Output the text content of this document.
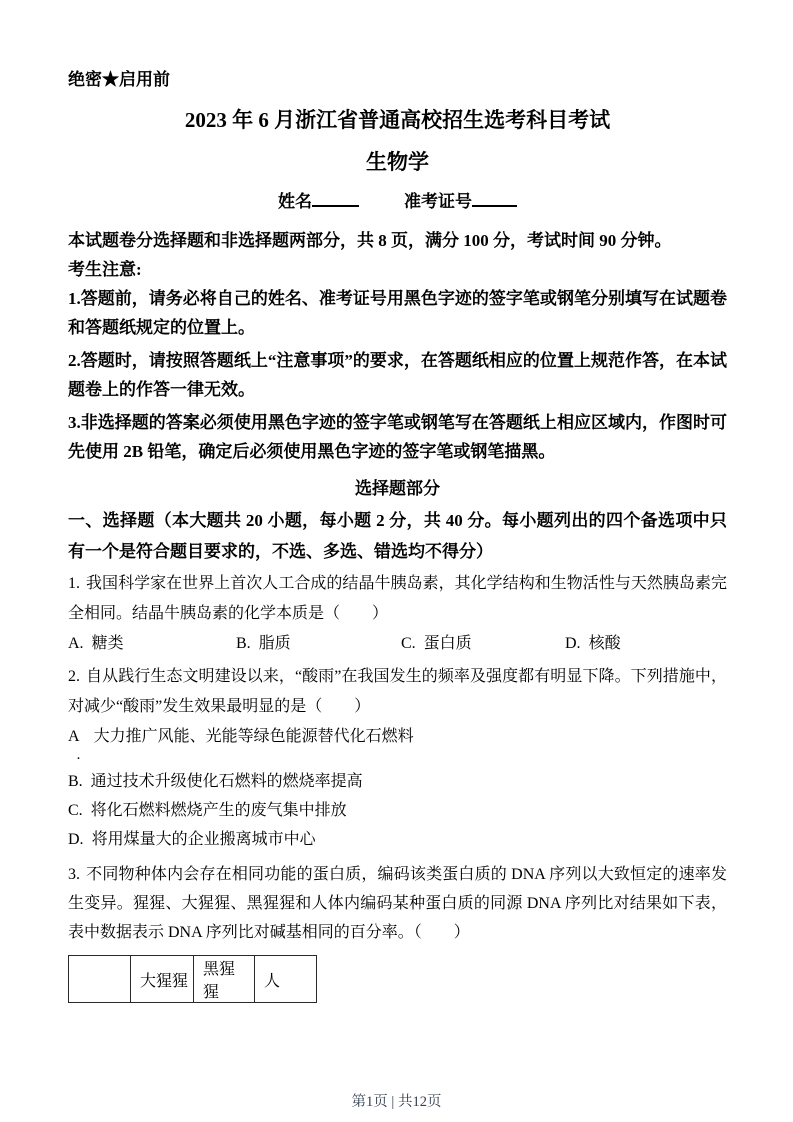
绝密★启用前

2023 年 6 月浙江省普通高校招生选考科目考试

生物学

姓名	准考证号

本试题卷分选择题和非选择题两部分，共 8 页，满分 100 分，考试时间 90 分钟。

考生注意:

1.答题前，请务必将自己的姓名、准考证号用黑色字迹的签字笔或钢笔分别填写在试题卷和答题纸规定的位置上。

2.答题时，请按照答题纸上“注意事项”的要求，在答题纸相应的位置上规范作答，在本试题卷上的作答一律无效。

3.非选择题的答案必须使用黑色字迹的签字笔或钢笔写在答题纸上相应区域内，作图时可先使用 2B 铅笔，确定后必须使用黑色字迹的签字笔或钢笔描黑。

选择题部分

一、选择题（本大题共 20 小题，每小题 2 分，共 40 分。每小题列出的四个备选项中只有一个是符合题目要求的，不选、多选、错选均不得分）

1. 我国科学家在世界上首次人工合成的结晶牛胰岛素，其化学结构和生物活性与天然胰岛素完全相同。结晶牛胰岛素的化学本质是（　　）

A. 糖类	B. 脂质	C. 蛋白质	D. 核酸

2. 自从践行生态文明建设以来，“酸雨”在我国发生的频率及强度都有明显下降。下列措施中，对减少“酸雨”发生效果最明显的是（　　）

A 大力推广风能、光能等绿色能源替代化石燃料

·

B. 通过技术升级使化石燃料的燃烧率提高

C. 将化石燃料燃烧产生的废气集中排放

D. 将用煤量大的企业搬离城市中心

3. 不同物种体内会存在相同功能的蛋白质，编码该类蛋白质的 DNA 序列以大致恒定的速率发生变异。猩猩、大猩猩、黑猩猩和人体内编码某种蛋白质的同源 DNA 序列比对结果如下表，表中数据表示 DNA 序列比对碱基相同的百分率。（　　）

	大猩猩	黑猩猩	人
第1页 | 共12页
